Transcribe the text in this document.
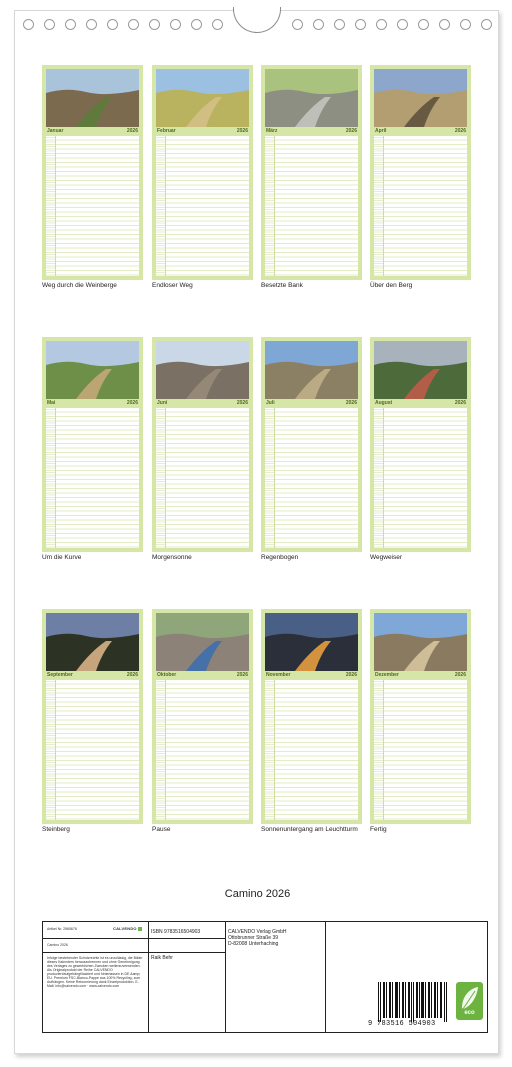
Januar	2026
Weg durch die Weinberge
Februar	2026
Endloser Weg
März	2026
Besetzte Bank
April	2026
Über den Berg
Mai	2026
Um die Kurve
Juni	2026
Morgensonne
Juli	2026
Regenbogen
August	2026
Wegweiser
September	2026
Steinberg
Oktober	2026
Pause
November	2026
Sonnenuntergang am Leuchtturm
Dezember	2026
Fertig
Camino 2026
Artikel Nr. 2565676	CALVENDO
Camino 2026
Infolge bestehender Schutzrechte ist es unzulässig, die Bilder dieses Kalenders herauszutrennen und ohne Genehmigung des Verlages zu gewerblichen Zwecken weiterzuverwenden. Als Originalprodukt der Reihe CALVENDO produziert/aufgehängt/lackiert und hinterlassen in DE &amp; EU. Premium FSC-Blanco-Pappe aus 100% Recycling, zum Aufhängen. Keine Retournierung dank Einzelproduktion. E-Mail: info@calvendo.com · www.calvendo.com
ISBN 9783516504903
Raik Behr
CALVENDO Verlag GmbH
Ottobrunner Straße 39
D-82008 Unterhaching
9 783516 504903
eco
